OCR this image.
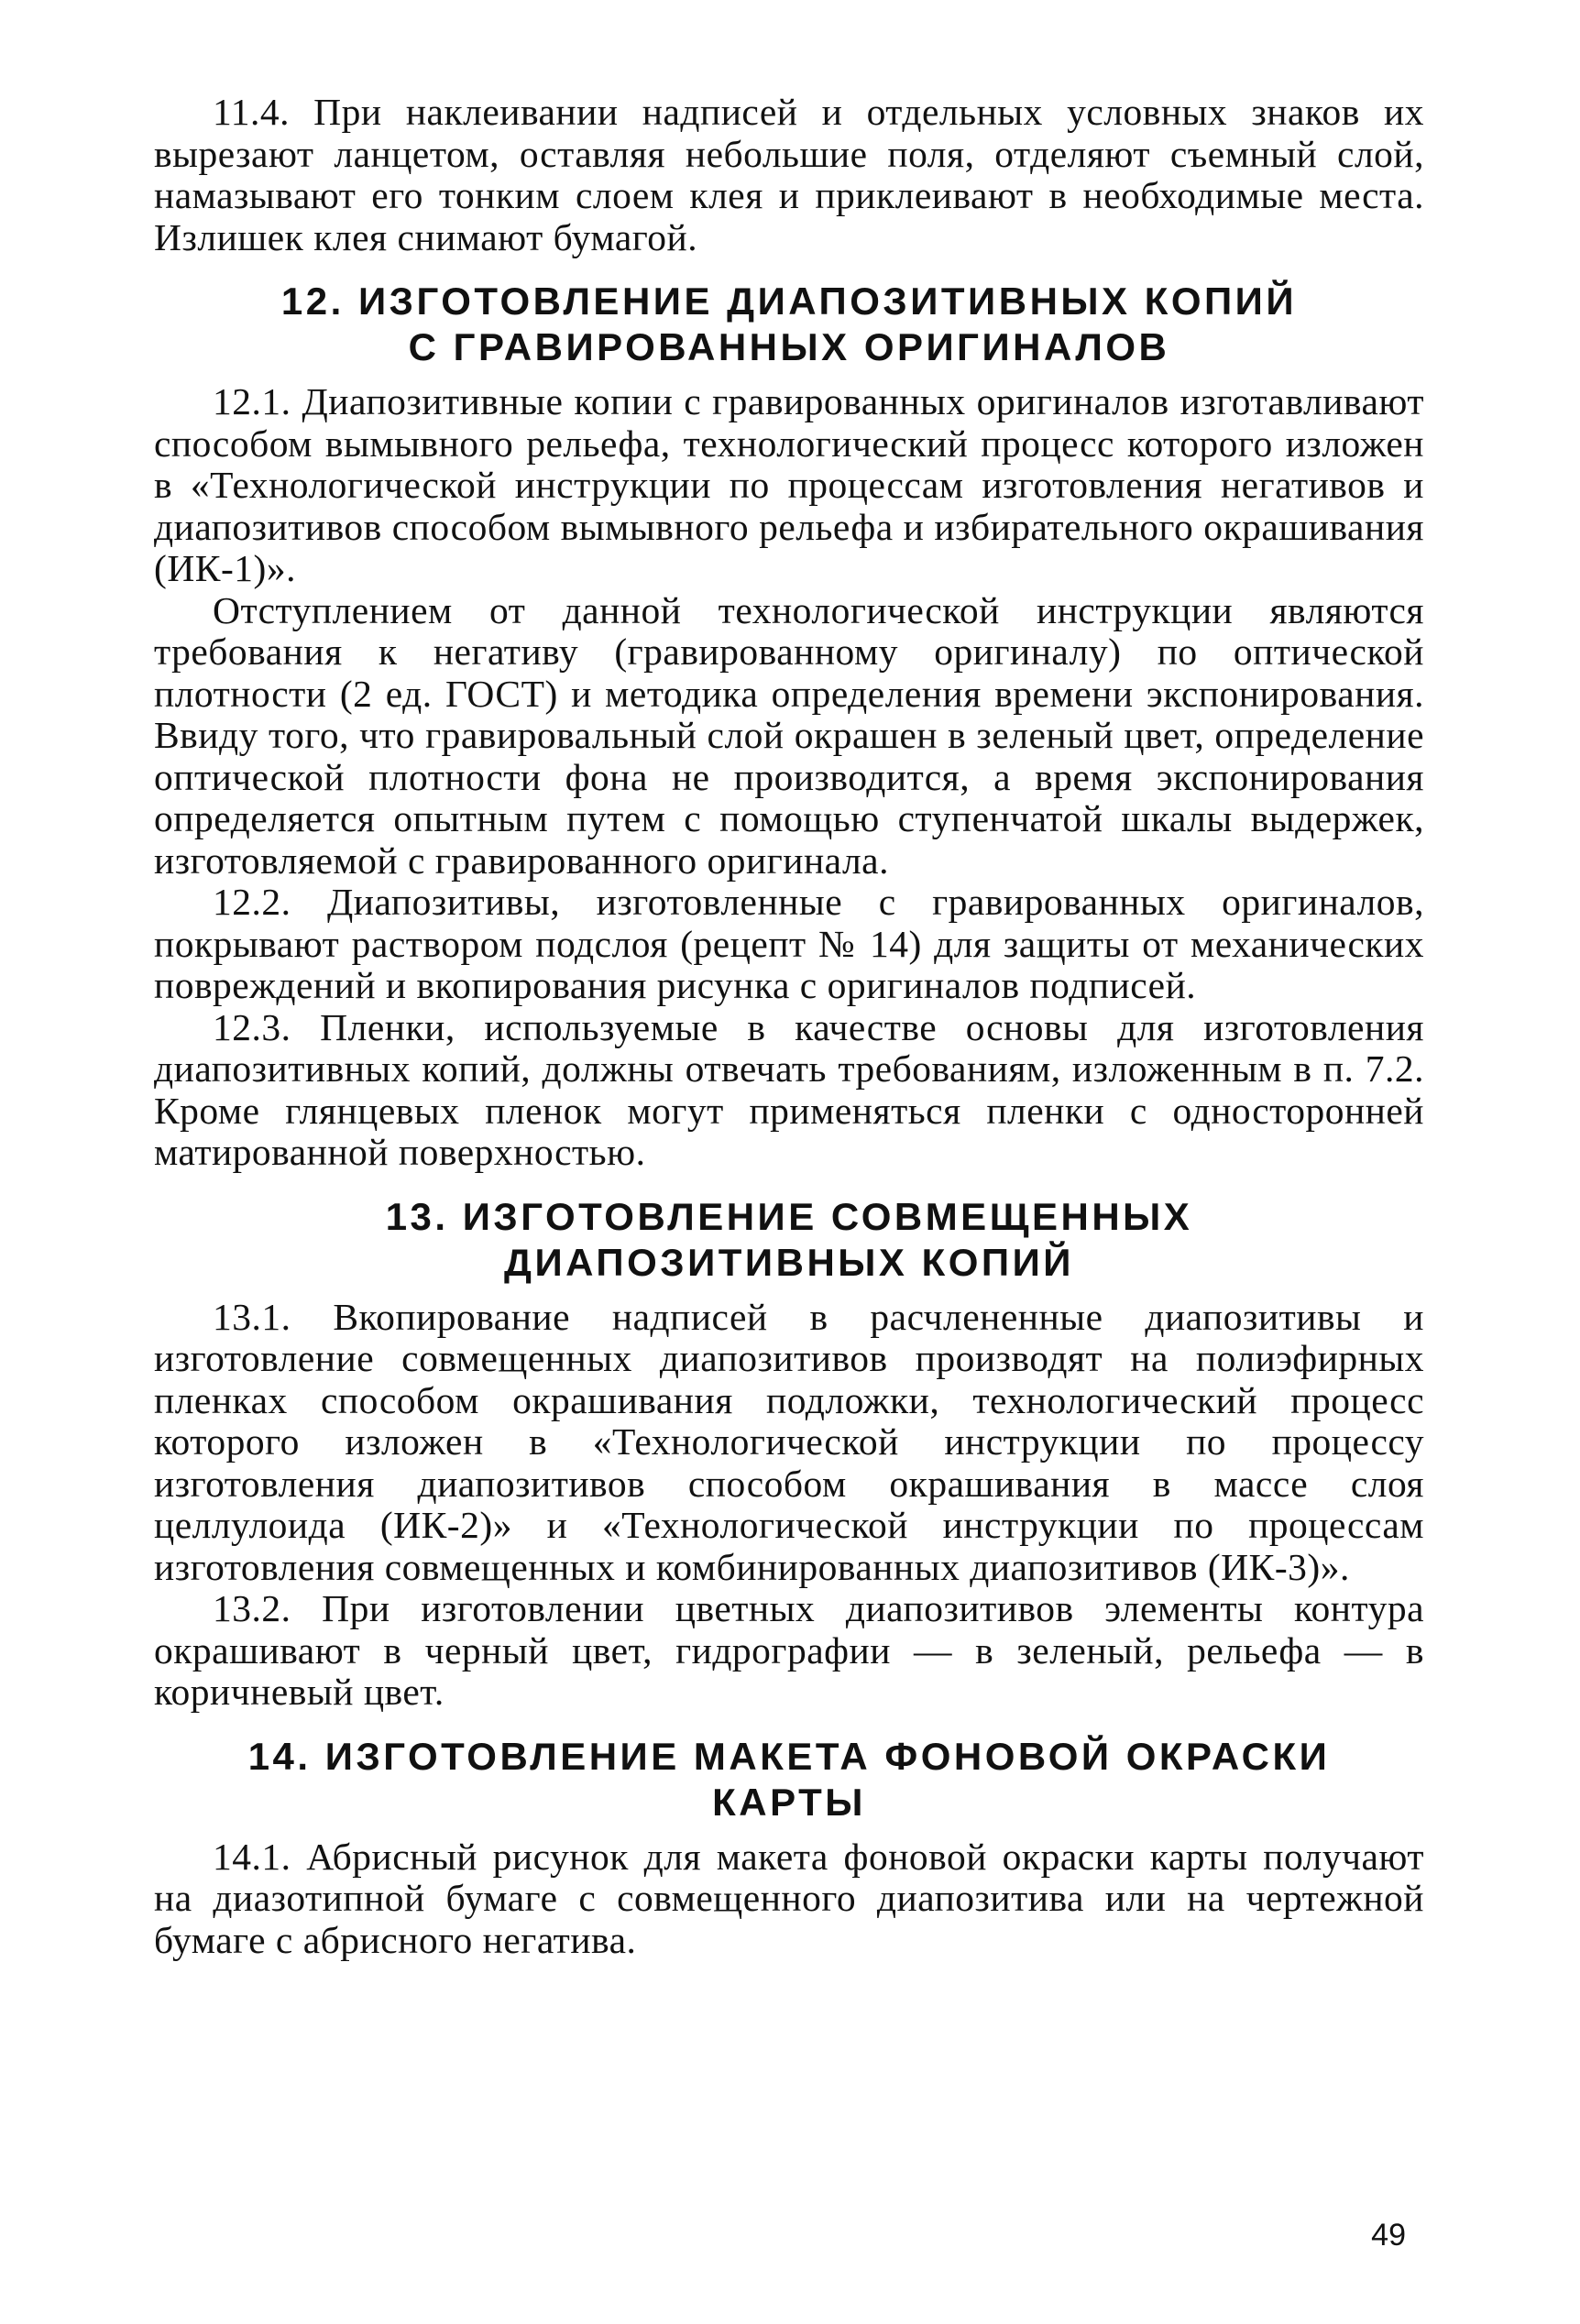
11.4. При наклеивании надписей и отдельных условных знаков их вырезают ланцетом, оставляя небольшие поля, отделяют съемный слой, намазывают его тонким слоем клея и приклеивают в необходимые места. Излишек клея снимают бумагой.

12. ИЗГОТОВЛЕНИЕ ДИАПОЗИТИВНЫХ КОПИЙ
С ГРАВИРОВАННЫХ ОРИГИНАЛОВ

12.1. Диапозитивные копии с гравированных оригиналов изготавливают способом вымывного рельефа, технологический процесс которого изложен в «Технологической инструкции по процессам изготовления негативов и диапозитивов способом вымывного рельефа и избирательного окрашивания (ИК-1)».

Отступлением от данной технологической инструкции являются требования к негативу (гравированному оригиналу) по оптической плотности (2 ед. ГОСТ) и методика определения времени экспонирования. Ввиду того, что гравировальный слой окрашен в зеленый цвет, определение оптической плотности фона не производится, а время экспонирования определяется опытным путем с помощью ступенчатой шкалы выдержек, изготовляемой с гравированного оригинала.

12.2. Диапозитивы, изготовленные с гравированных оригиналов, покрывают раствором подслоя (рецепт № 14) для защиты от механических повреждений и вкопирования рисунка с оригиналов подписей.

12.3. Пленки, используемые в качестве основы для изготовления диапозитивных копий, должны отвечать требованиям, изложенным в п. 7.2. Кроме глянцевых пленок могут применяться пленки с односторонней матированной поверхностью.

13. ИЗГОТОВЛЕНИЕ СОВМЕЩЕННЫХ
ДИАПОЗИТИВНЫХ КОПИЙ

13.1. Вкопирование надписей в расчлененные диапозитивы и изготовление совмещенных диапозитивов производят на полиэфирных пленках способом окрашивания подложки, технологический процесс которого изложен в «Технологической инструкции по процессу изготовления диапозитивов способом окрашивания в массе слоя целлулоида (ИК-2)» и «Технологической инструкции по процессам изготовления совмещенных и комбинированных диапозитивов (ИК-3)».

13.2. При изготовлении цветных диапозитивов элементы контура окрашивают в черный цвет, гидрографии — в зеленый, рельефа — в коричневый цвет.

14. ИЗГОТОВЛЕНИЕ МАКЕТА ФОНОВОЙ ОКРАСКИ
КАРТЫ

14.1. Абрисный рисунок для макета фоновой окраски карты получают на диазотипной бумаге с совмещенного диапозитива или на чертежной бумаге с абрисного негатива.

49
